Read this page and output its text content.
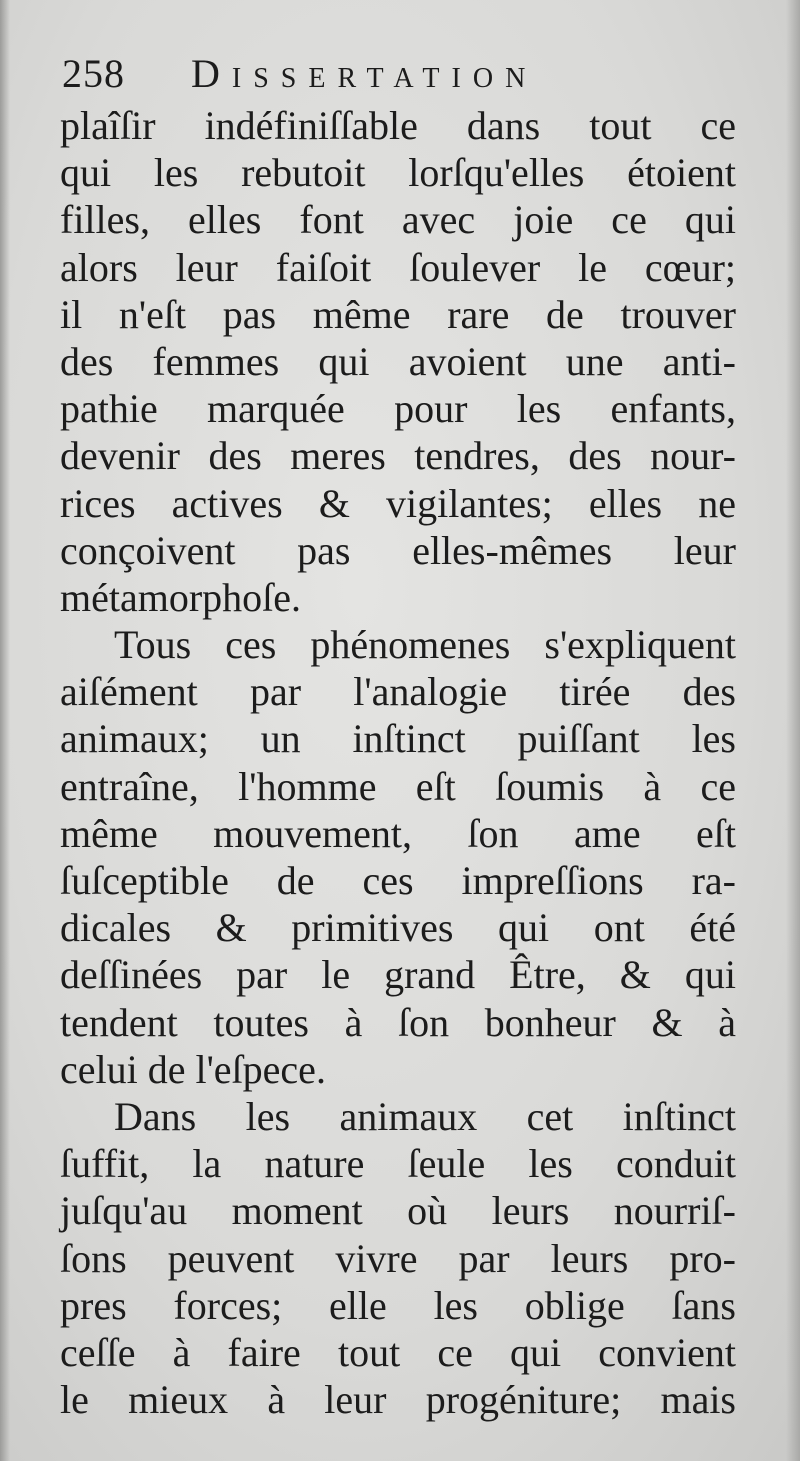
258 Dissertation
plaîſir indéfiniſſable dans tout ce
qui les rebutoit lorſqu'elles étoient
filles, elles font avec joie ce qui
alors leur faiſoit ſoulever le cœur;
il n'eſt pas même rare de trouver
des femmes qui avoient une anti-
pathie marquée pour les enfants,
devenir des meres tendres, des nour-
rices actives & vigilantes; elles ne
conçoivent pas elles-mêmes leur
métamorphoſe.
Tous ces phénomenes s'expliquent
aiſément par l'analogie tirée des
animaux; un inſtinct puiſſant les
entraîne, l'homme eſt ſoumis à ce
même mouvement, ſon ame eſt
ſuſceptible de ces impreſſions ra-
dicales & primitives qui ont été
deſſinées par le grand Être, & qui
tendent toutes à ſon bonheur & à
celui de l'eſpece.
Dans les animaux cet inſtinct
ſuffit, la nature ſeule les conduit
juſqu'au moment où leurs nourriſ-
ſons peuvent vivre par leurs pro-
pres forces; elle les oblige ſans
ceſſe à faire tout ce qui convient
le mieux à leur progéniture; mais
